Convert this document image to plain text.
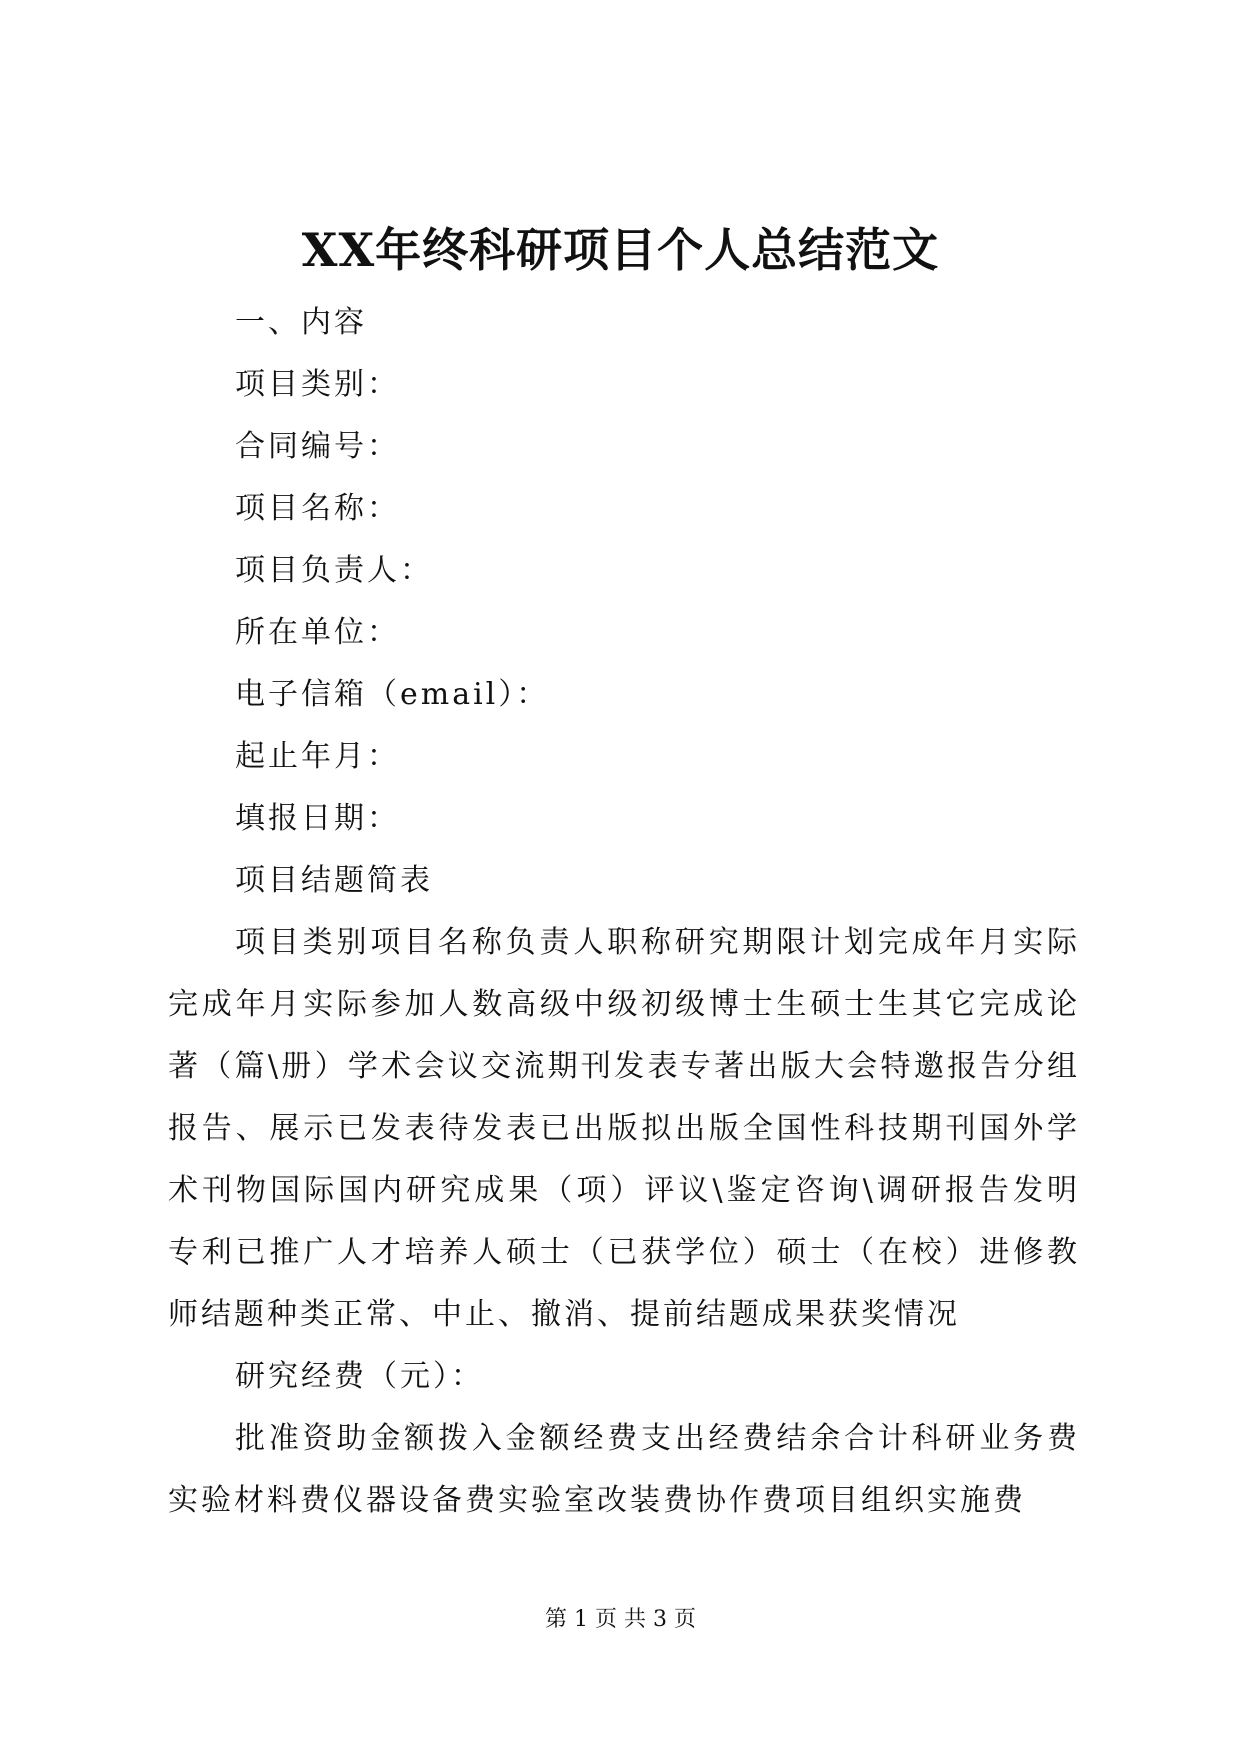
XX年终科研项目个人总结范文

一、内容

项目类别：

合同编号：

项目名称：

项目负责人：

所在单位：

电子信箱（email）：

起止年月：

填报日期：

项目结题简表

项目类别项目名称负责人职称研究期限计划完成年月实际完成年月实际参加人数高级中级初级博士生硕士生其它完成论著（篇\册）学术会议交流期刊发表专著出版大会特邀报告分组报告、展示已发表待发表已出版拟出版全国性科技期刊国外学术刊物国际国内研究成果（项）评议\鉴定咨询\调研报告发明专利已推广人才培养人硕士（已获学位）硕士（在校）进修教师结题种类正常、中止、撤消、提前结题成果获奖情况

研究经费（元）：

批准资助金额拨入金额经费支出经费结余合计科研业务费实验材料费仪器设备费实验室改装费协作费项目组织实施费

第 1 页 共 3 页
